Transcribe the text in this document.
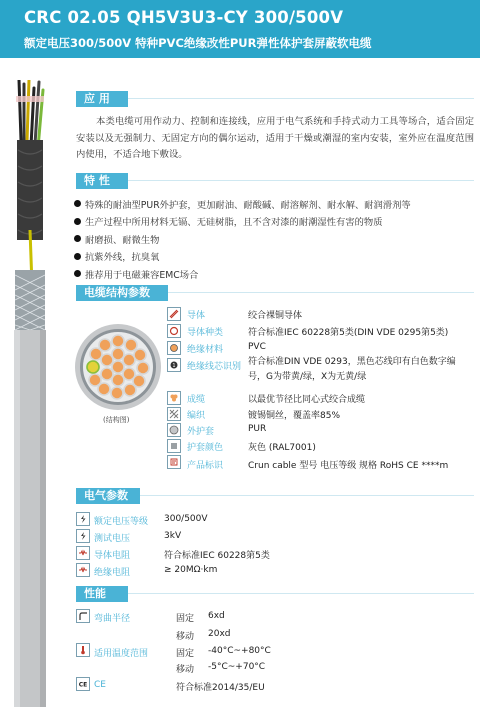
CRC 02.05 QH5V3U3-CY 300/500V
额定电压300/500V 特种PVC绝缘改性PUR弹性体护套屏蔽软电缆
应 用
本类电缆可用作动力、控制和连接线，应用于电气系统和手持式动力工具等场合，适合固定安装以及无强制力、无固定方向的偶尔运动，适用于干燥或潮湿的室内安装，室外应在温度范围内使用，不适合地下敷设。
特 性
特殊的耐油型PUR外护套，更加耐油、耐酸碱、耐溶解剂、耐水解、耐润滑剂等
生产过程中所用材料无镉、无硅树脂，且不含对漆的耐潮湿性有害的物质
耐磨损、耐微生物
抗紫外线，抗臭氧
推荐用于电磁兼容EMC场合
电缆结构参数
(结构图)
导体	绞合裸铜导体
导体种类	符合标准IEC 60228第5类(DIN VDE 0295第5类)
绝缘材料	PVC
1 绝缘线芯识别 符合标准DIN VDE 0293，黑色芯线印有白色数字编号，G为带黄/绿，X为无黄/绿
成缆	以最优节径比同心式绞合成缆
编织	镀锡铜丝，覆盖率85%
外护套	PUR
护套颜色	灰色 (RAL7001)
产品标识	Crun cable 型号 电压等级 规格 RoHS CE ****m
电气参数
额定电压等级 300/500V
测试电压	3kV
导体电阻	符合标准IEC 60228第5类
绝缘电阻	≥ 20MΩ·km
性能
弯曲半径	固定 6xd
移动 20xd
适用温度范围	固定 -40°C~+80°C
移动 -5°C~+70°C
CE CE	符合标准2014/35/EU
